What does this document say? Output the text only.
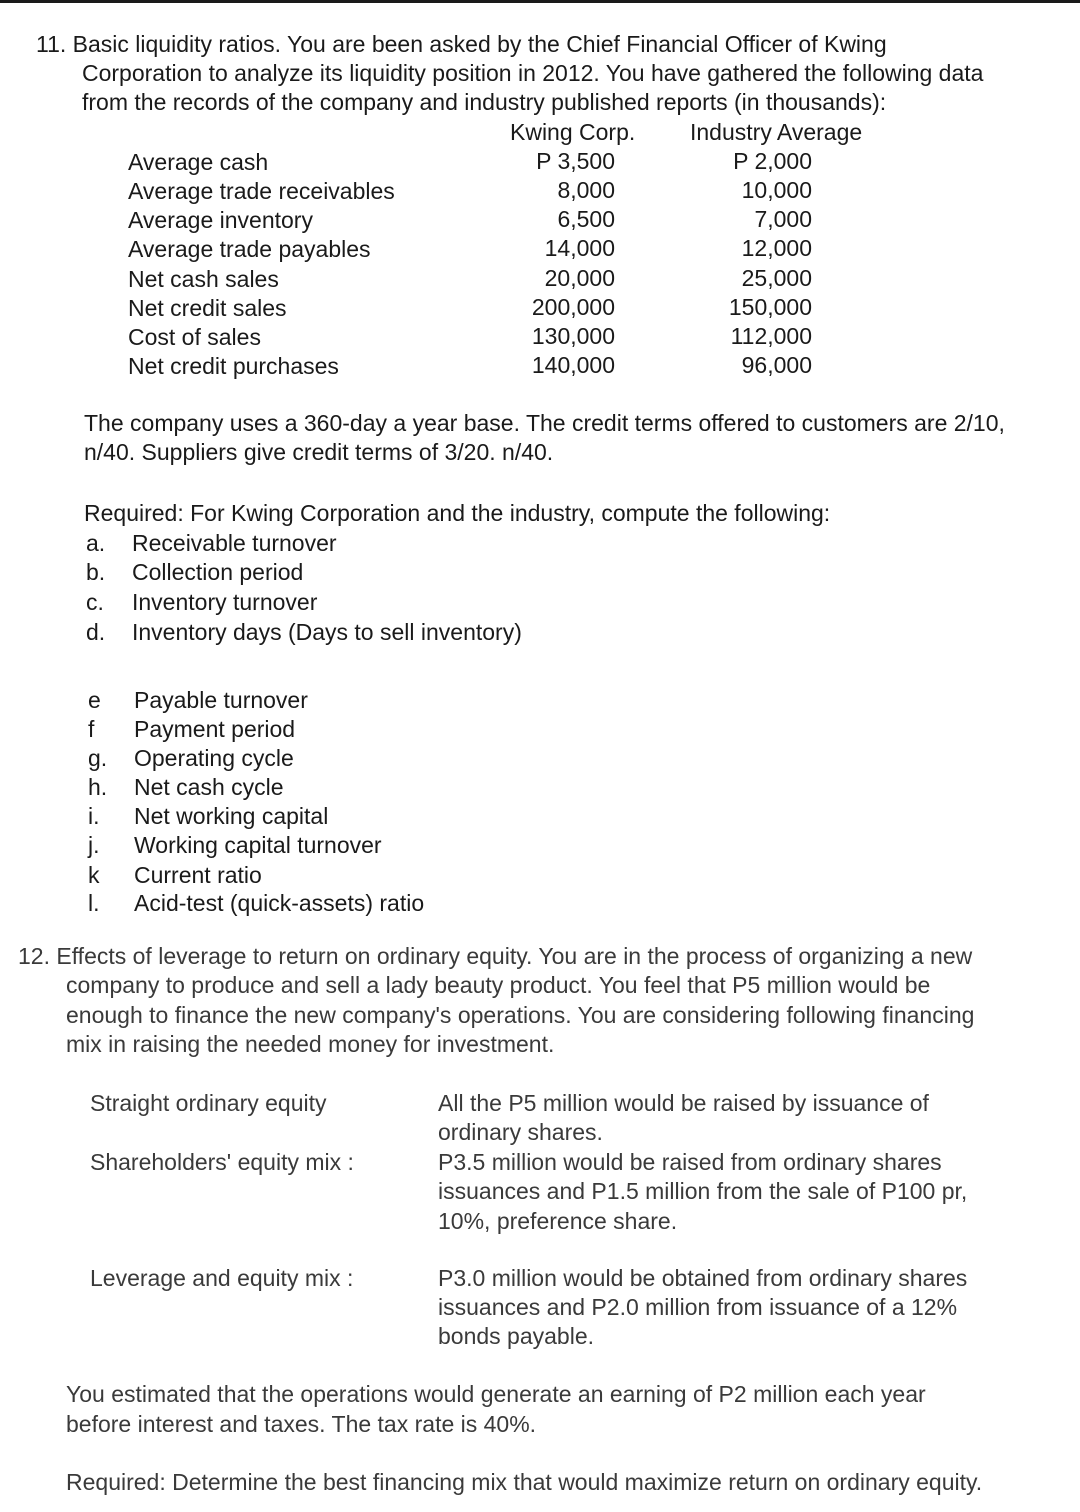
11. Basic liquidity ratios. You are been asked by the Chief Financial Officer of Kwing
Corporation to analyze its liquidity position in 2012. You have gathered the following data
from the records of the company and industry published reports (in thousands):
Kwing Corp. Industry Average
Average cash	P 3,500	P 2,000
Average trade receivables	8,000	10,000
Average inventory	6,500	7,000
Average trade payables	14,000	12,000
Net cash sales	20,000	25,000
Net credit sales	200,000	150,000
Cost of sales	130,000	112,000
Net credit purchases	140,000	96,000
The company uses a 360-day a year base. The credit terms offered to customers are 2/10,
n/40. Suppliers give credit terms of 3/20. n/40.
Required: For Kwing Corporation and the industry, compute the following:
a.	Receivable turnover
b.	Collection period
c.	Inventory turnover
d.	Inventory days (Days to sell inventory)
e	Payable turnover
f	Payment period
g.	Operating cycle
h.	Net cash cycle
i.	Net working capital
j.	Working capital turnover
k	Current ratio
l.	Acid-test (quick-assets) ratio
12. Effects of leverage to return on ordinary equity. You are in the process of organizing a new
company to produce and sell a lady beauty product. You feel that P5 million would be
enough to finance the new company's operations. You are considering following financing
mix in raising the needed money for investment.
Straight ordinary equity	All the P5 million would be raised by issuance of
ordinary shares.
Shareholders' equity mix :	P3.5 million would be raised from ordinary shares
issuances and P1.5 million from the sale of P100 pr,
10%, preference share.
Leverage and equity mix :	P3.0 million would be obtained from ordinary shares
issuances and P2.0 million from issuance of a 12%
bonds payable.
You estimated that the operations would generate an earning of P2 million each year
before interest and taxes. The tax rate is 40%.
Required: Determine the best financing mix that would maximize return on ordinary equity.
